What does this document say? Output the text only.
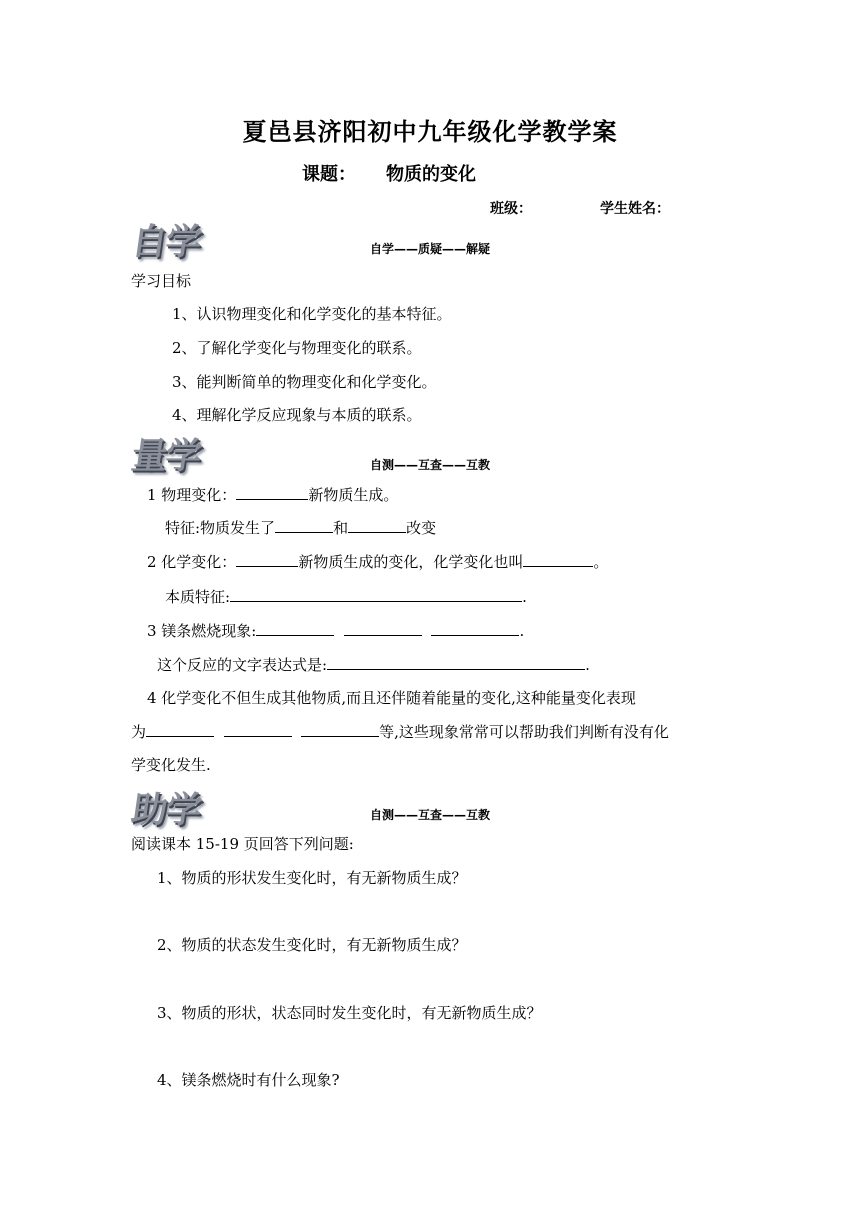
夏邑县济阳初中九年级化学教学案
课题： 物质的变化
班级：	学生姓名：
自学	自学——质疑——解疑
学习目标
1、认识物理变化和化学变化的基本特征。
2、了解化学变化与物理变化的联系。
3、能判断简单的物理变化和化学变化。
4、理解化学反应现象与本质的联系。
量学	自测——互查——互教
1 物理变化：	新物质生成。
特征:物质发生了	和	改变
2 化学变化：	新物质生成的变化，化学变化也叫	。
本质特征:	.
3 镁条燃烧现象:	.
这个反应的文字表达式是:	.
4 化学变化不但生成其他物质,而且还伴随着能量的变化,这种能量变化表现
为	等,这些现象常常可以帮助我们判断有没有化
学变化发生.
助学	自测——互查——互教
阅读课本 15-19 页回答下列问题:
1、物质的形状发生变化时，有无新物质生成？
2、物质的状态发生变化时，有无新物质生成？
3、物质的形状，状态同时发生变化时，有无新物质生成？
4、镁条燃烧时有什么现象?
